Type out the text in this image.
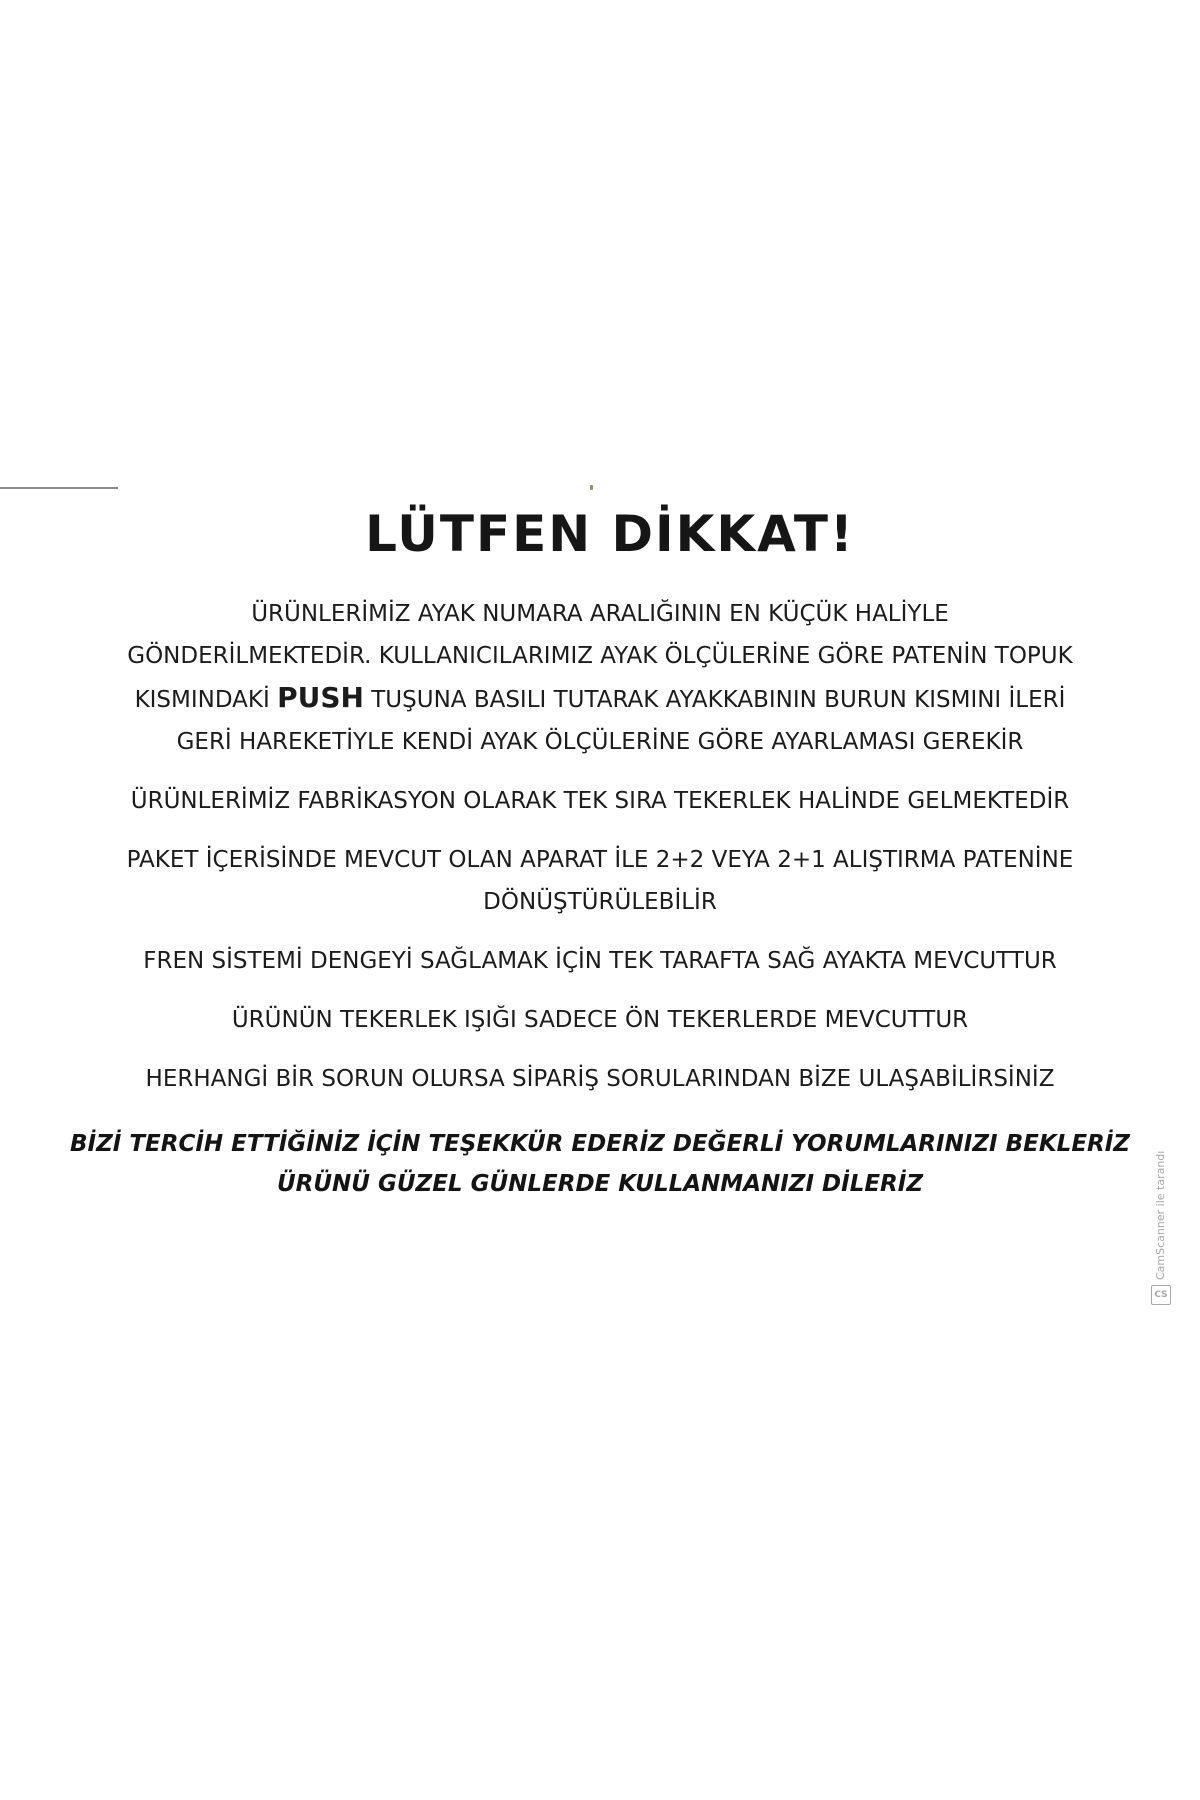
LÜTFEN DİKKAT!
ÜRÜNLERİMİZ AYAK NUMARA ARALIĞININ EN KÜÇÜK HALİYLE
GÖNDERİLMEKTEDİR. KULLANICILARIMIZ AYAK ÖLÇÜLERİNE GÖRE PATENİN TOPUK
KISMINDAKİ PUSH TUŞUNA BASILI TUTARAK AYAKKABININ BURUN KISMINI İLERİ
GERİ HAREKETİYLE KENDİ AYAK ÖLÇÜLERİNE GÖRE AYARLAMASI GEREKİR
ÜRÜNLERİMİZ FABRİKASYON OLARAK TEK SIRA TEKERLEK HALİNDE GELMEKTEDİR
PAKET İÇERİSİNDE MEVCUT OLAN APARAT İLE 2+2 VEYA 2+1 ALIŞTIRMA PATENİNE
DÖNÜŞTÜRÜLEBİLİR
FREN SİSTEMİ DENGEYİ SAĞLAMAK İÇİN TEK TARAFTA SAĞ AYAKTA MEVCUTTUR
ÜRÜNÜN TEKERLEK IŞIĞI SADECE ÖN TEKERLERDE MEVCUTTUR
HERHANGİ BİR SORUN OLURSA SİPARİŞ SORULARINDAN BİZE ULAŞABİLİRSİNİZ
BİZİ TERCİH ETTİĞİNİZ İÇİN TEŞEKKÜR EDERİZ DEĞERLİ YORUMLARINIZI BEKLERİZ
ÜRÜNÜ GÜZEL GÜNLERDE KULLANMANIZI DİLERİZ	CamScanner ile tarandı
CS
